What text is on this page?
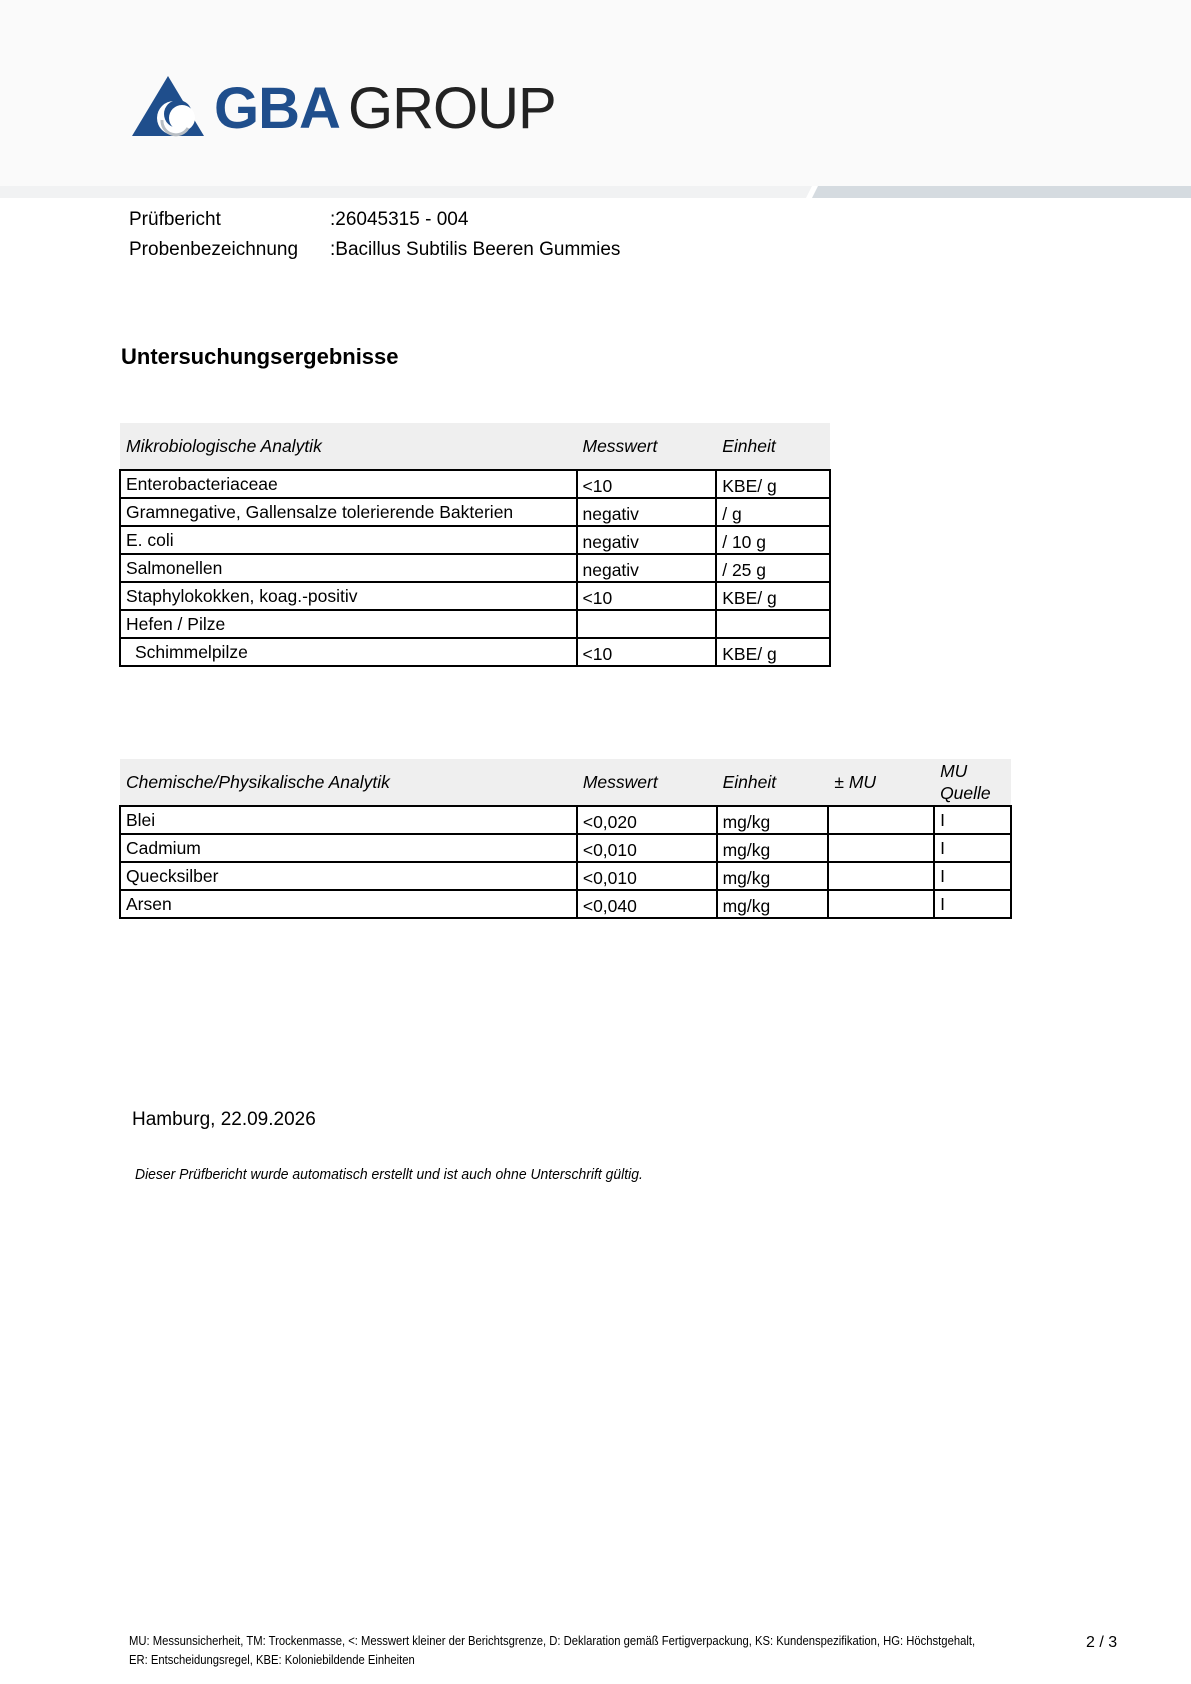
GBA GROUP
Prüfbericht	:26045315 - 004
Probenbezeichnung :Bacillus Subtilis Beeren Gummies
Untersuchungsergebnisse
Mikrobiologische Analytik	Messwert	Einheit
Enterobacteriaceae	<10	KBE/ g
Gramnegative, Gallensalze tolerierende Bakterien	negativ	/ g
E. coli	negativ	/ 10 g
Salmonellen	negativ	/ 25 g
Staphylokokken, koag.-positiv	<10	KBE/ g
Hefen / Pilze		
Schimmelpilze	<10	KBE/ g
Chemische/Physikalische Analytik	Messwert	Einheit	± MU	MU Quelle
Blei	<0,020	mg/kg		I
Cadmium	<0,010	mg/kg		I
Quecksilber	<0,010	mg/kg		I
Arsen	<0,040	mg/kg		I
Hamburg, 22.09.2026
Dieser Prüfbericht wurde automatisch erstellt und ist auch ohne Unterschrift gültig.
MU: Messunsicherheit, TM: Trockenmasse, <: Messwert kleiner der Berichtsgrenze, D: Deklaration gemäß Fertigverpackung, KS: Kundenspezifikation, HG: Höchstgehalt,
ER: Entscheidungsregel, KBE: Koloniebildende Einheiten
2 / 3
